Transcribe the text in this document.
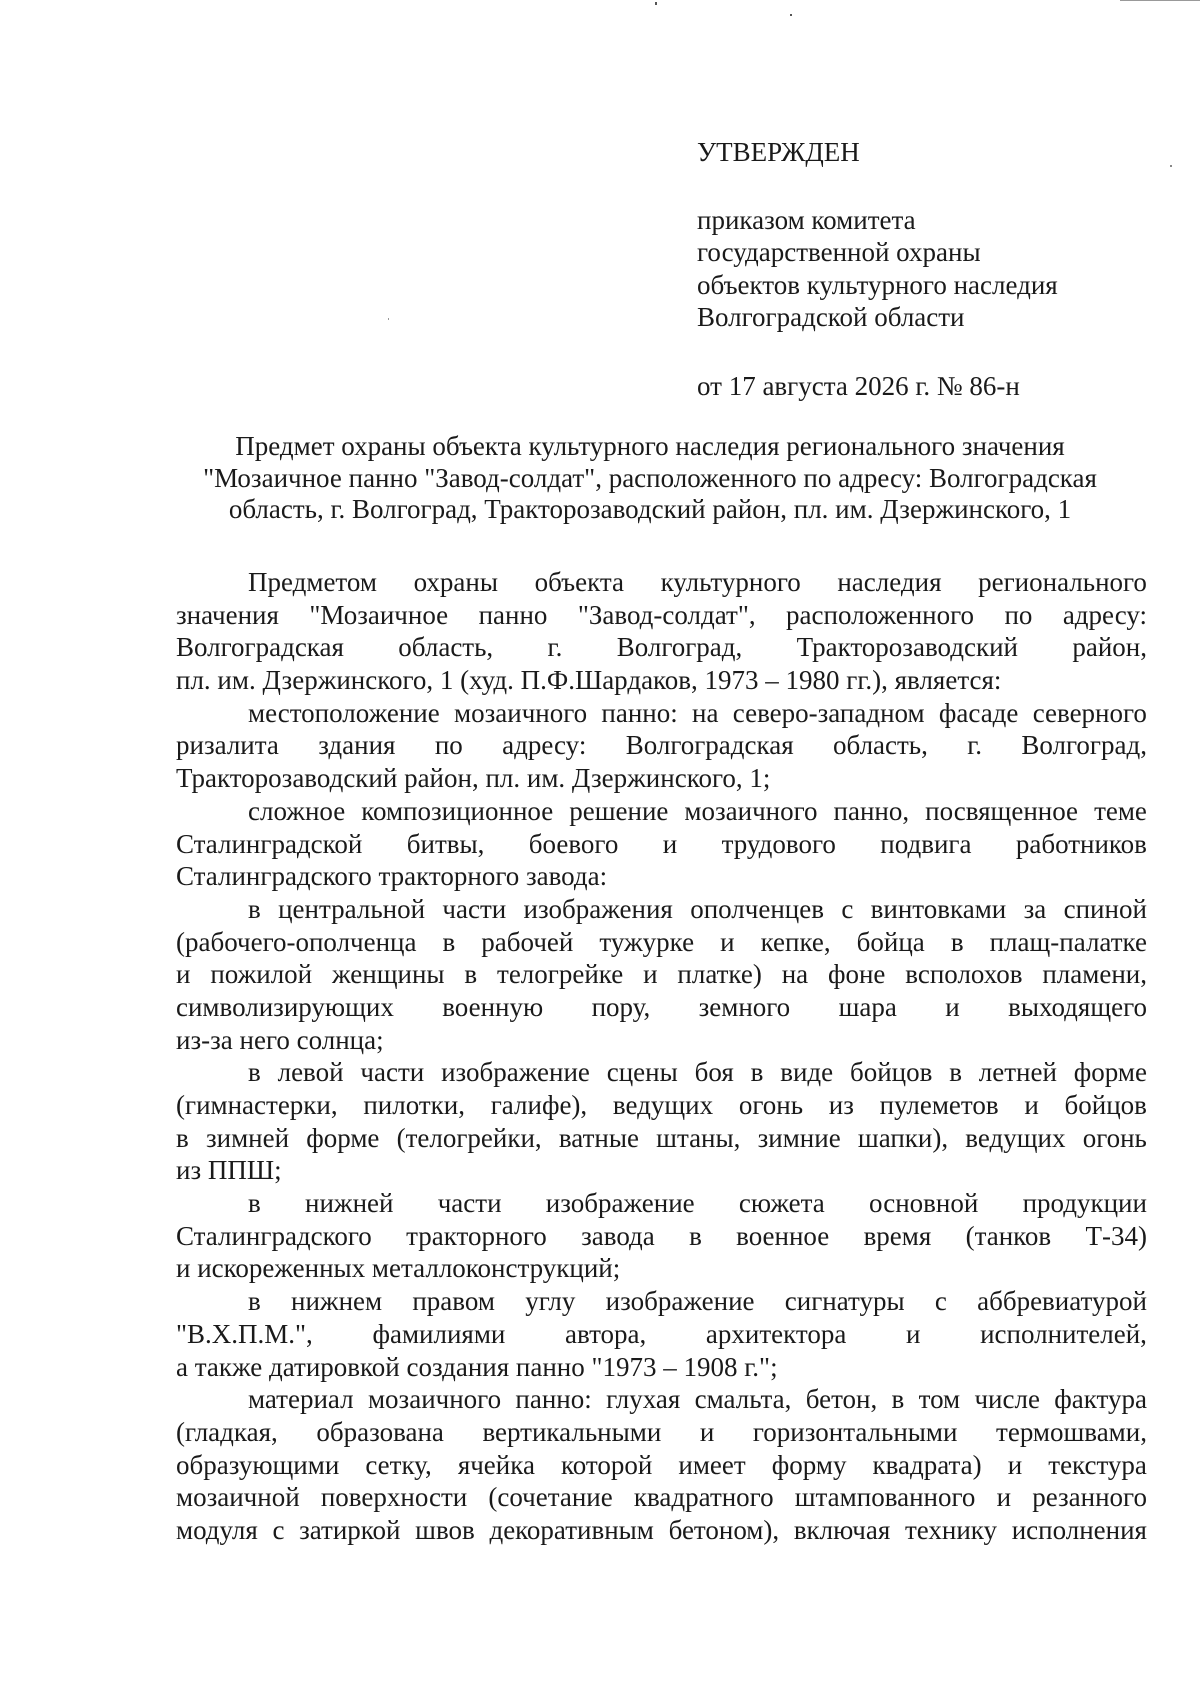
УТВЕРЖДЕН
приказом комитета
государственной охраны
объектов культурного наследия
Волгоградской области
от 17 августа 2026 г. № 86-н
Предмет охраны объекта культурного наследия регионального значения
"Мозаичное панно "Завод-солдат", расположенного по адресу: Волгоградская
область, г. Волгоград, Тракторозаводский район, пл. им. Дзержинского, 1
Предметом охраны объекта культурного наследия регионального
значения "Мозаичное панно "Завод-солдат", расположенного по адресу:
Волгоградская область, г. Волгоград, Тракторозаводский район,
пл. им. Дзержинского, 1 (худ. П.Ф.Шардаков, 1973 – 1980 гг.), является:
местоположение мозаичного панно: на северо-западном фасаде северного
ризалита здания по адресу: Волгоградская область, г. Волгоград,
Тракторозаводский район, пл. им. Дзержинского, 1;
сложное композиционное решение мозаичного панно, посвященное теме
Сталинградской битвы, боевого и трудового подвига работников
Сталинградского тракторного завода:
в центральной части изображения ополченцев с винтовками за спиной
(рабочего-ополченца в рабочей тужурке и кепке, бойца в плащ-палатке
и пожилой женщины в телогрейке и платке) на фоне всполохов пламени,
символизирующих военную пору, земного шара и выходящего
из-за него солнца;
в левой части изображение сцены боя в виде бойцов в летней форме
(гимнастерки, пилотки, галифе), ведущих огонь из пулеметов и бойцов
в зимней форме (телогрейки, ватные штаны, зимние шапки), ведущих огонь
из ППШ;
в нижней части изображение сюжета основной продукции
Сталинградского тракторного завода в военное время (танков Т-34)
и искореженных металлоконструкций;
в нижнем правом углу изображение сигнатуры с аббревиатурой
"В.Х.П.М.", фамилиями автора, архитектора и исполнителей,
а также датировкой создания панно "1973 – 1908 г.";
материал мозаичного панно: глухая смальта, бетон, в том числе фактура
(гладкая, образована вертикальными и горизонтальными термошвами,
образующими сетку, ячейка которой имеет форму квадрата) и текстура
мозаичной поверхности (сочетание квадратного штампованного и резанного
модуля с затиркой швов декоративным бетоном), включая технику исполнения
